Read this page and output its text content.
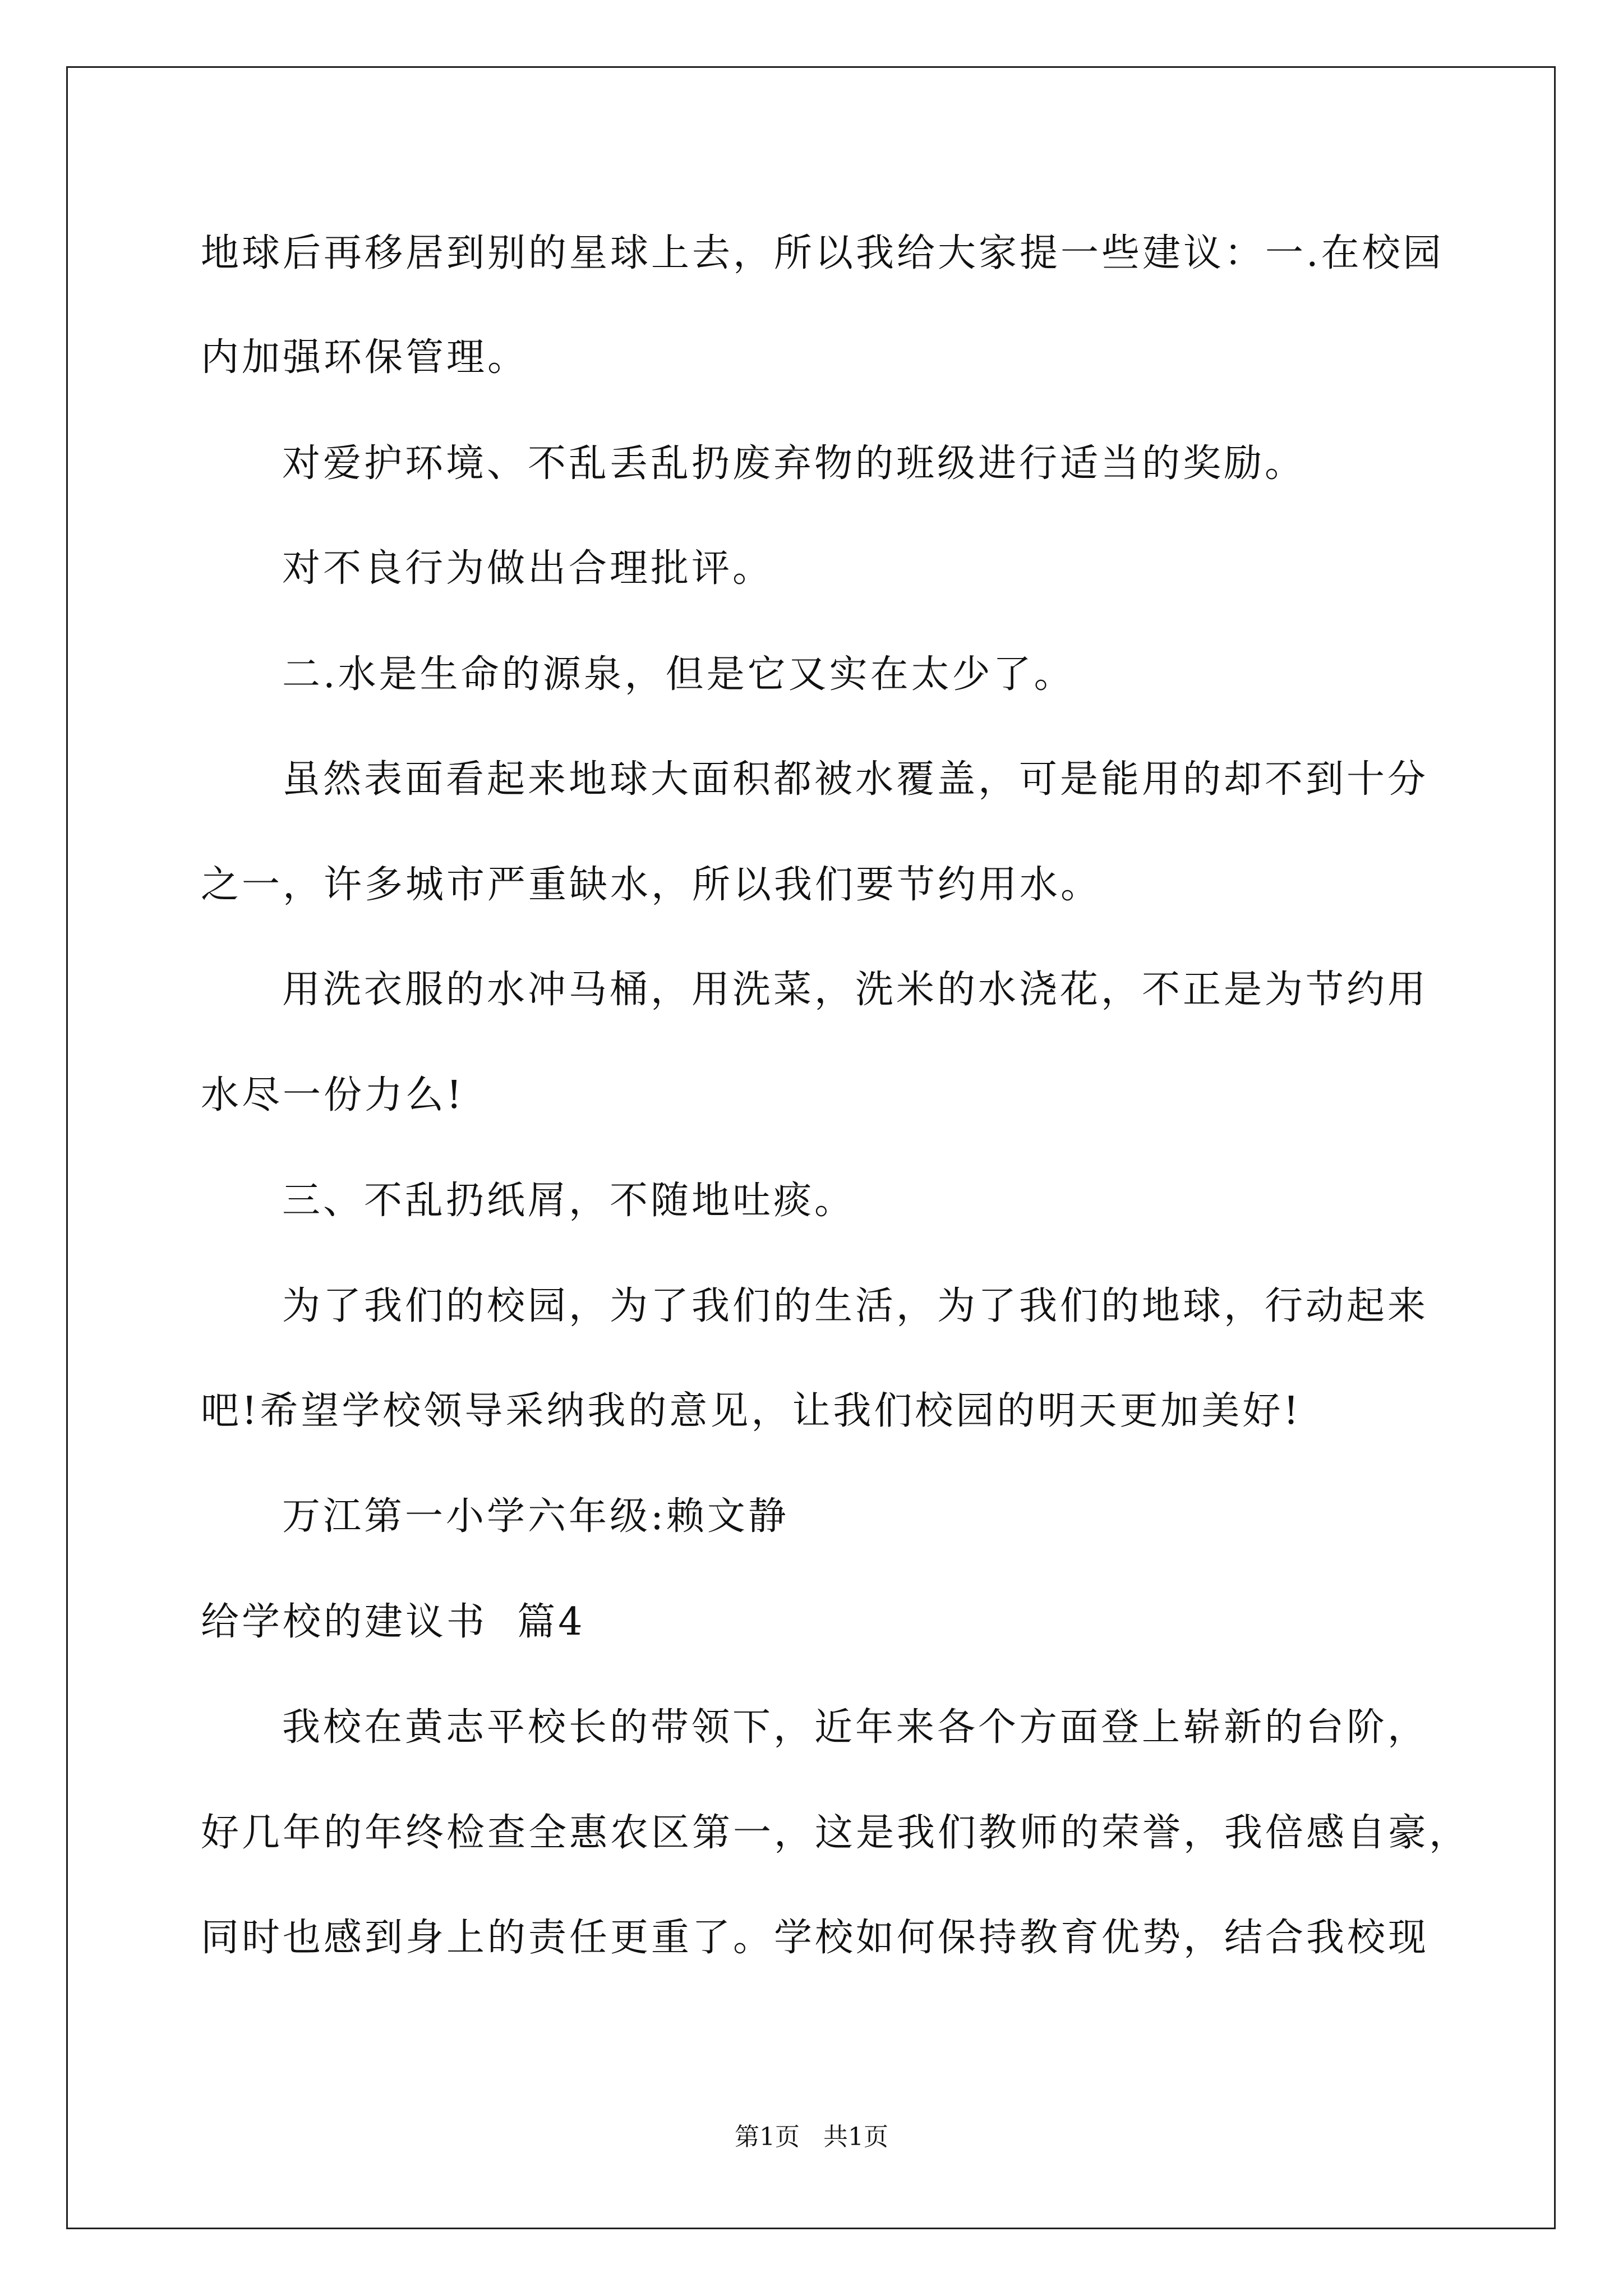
地球后再移居到别的星球上去，所以我给大家提一些建议：一.在校园
内加强环保管理。
对爱护环境、不乱丢乱扔废弃物的班级进行适当的奖励。
对不良行为做出合理批评。
二.水是生命的源泉，但是它又实在太少了。
虽然表面看起来地球大面积都被水覆盖，可是能用的却不到十分
之一，许多城市严重缺水，所以我们要节约用水。
用洗衣服的水冲马桶，用洗菜，洗米的水浇花，不正是为节约用
水尽一份力么!
三、不乱扔纸屑，不随地吐痰。
为了我们的校园，为了我们的生活，为了我们的地球，行动起来
吧!希望学校领导采纳我的意见，让我们校园的明天更加美好!
万江第一小学六年级:赖文静
给学校的建议书  篇4
我校在黄志平校长的带领下，近年来各个方面登上崭新的台阶，
好几年的年终检查全惠农区第一，这是我们教师的荣誉，我倍感自豪，
同时也感到身上的责任更重了。学校如何保持教育优势，结合我校现
第1页   共1页
